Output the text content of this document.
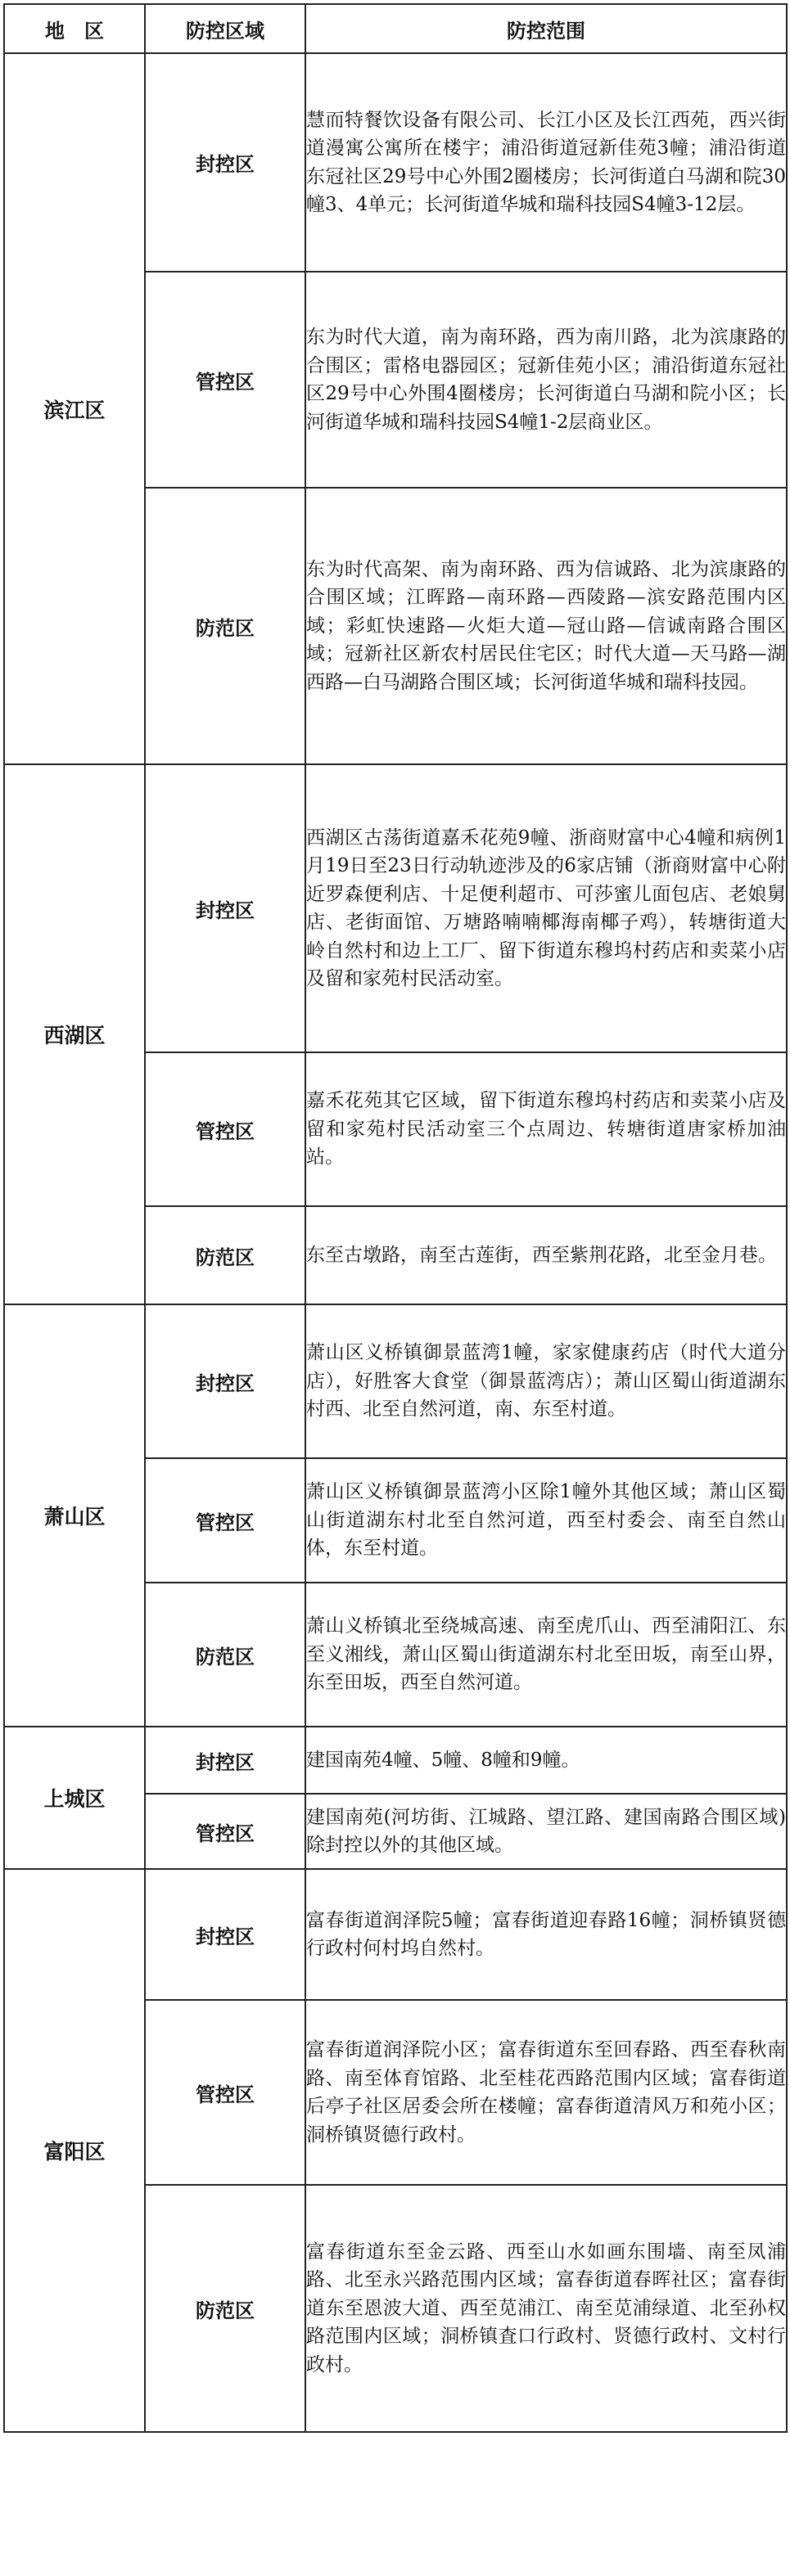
地　区	防控区域	防控范围
滨江区	封控区	慧而特餐饮设备有限公司、长江小区及长江西苑，西兴街道漫寓公寓所在楼宇；浦沿街道冠新佳苑3幢；浦沿街道东冠社区29号中心外围2圈楼房；长河街道白马湖和院30幢3、4单元；长河街道华城和瑞科技园S4幢3-12层。
	管控区	东为时代大道，南为南环路，西为南川路，北为滨康路的合围区；雷格电器园区；冠新佳苑小区；浦沿街道东冠社区29号中心外围4圈楼房；长河街道白马湖和院小区；长河街道华城和瑞科技园S4幢1-2层商业区。
	防范区	东为时代高架、南为南环路、西为信诚路、北为滨康路的合围区域；江晖路—南环路—西陵路—滨安路范围内区域；彩虹快速路—火炬大道—冠山路—信诚南路合围区域；冠新社区新农村居民住宅区；时代大道—天马路—湖西路—白马湖路合围区域；长河街道华城和瑞科技园。
西湖区	封控区	西湖区古荡街道嘉禾花苑9幢、浙商财富中心4幢和病例1月19日至23日行动轨迹涉及的6家店铺（浙商财富中心附近罗森便利店、十足便利超市、可莎蜜儿面包店、老娘舅店、老街面馆、万塘路喃喃椰海南椰子鸡），转塘街道大岭自然村和边上工厂、留下街道东穆坞村药店和卖菜小店及留和家苑村民活动室。
	管控区	嘉禾花苑其它区域，留下街道东穆坞村药店和卖菜小店及留和家苑村民活动室三个点周边、转塘街道唐家桥加油站。
	防范区	东至古墩路，南至古莲街，西至紫荆花路，北至金月巷。
萧山区	封控区	萧山区义桥镇御景蓝湾1幢，家家健康药店（时代大道分店），好胜客大食堂（御景蓝湾店）；萧山区蜀山街道湖东村西、北至自然河道，南、东至村道。
	管控区	萧山区义桥镇御景蓝湾小区除1幢外其他区域；萧山区蜀山街道湖东村北至自然河道，西至村委会、南至自然山体，东至村道。
	防范区	萧山义桥镇北至绕城高速、南至虎爪山、西至浦阳江、东至义湘线，萧山区蜀山街道湖东村北至田坂，南至山界，东至田坂，西至自然河道。
上城区	封控区	建国南苑4幢、5幢、8幢和9幢。
	管控区	建国南苑(河坊街、江城路、望江路、建国南路合围区域)除封控以外的其他区域。
富阳区	封控区	富春街道润泽院5幢；富春街道迎春路16幢；洞桥镇贤德行政村何村坞自然村。
	管控区	富春街道润泽院小区；富春街道东至回春路、西至春秋南路、南至体育馆路、北至桂花西路范围内区域；富春街道后亭子社区居委会所在楼幢；富春街道清风万和苑小区；洞桥镇贤德行政村。
	防范区	富春街道东至金云路、西至山水如画东围墙、南至凤浦路、北至永兴路范围内区域；富春街道春晖社区；富春街道东至恩波大道、西至苋浦江、南至苋浦绿道、北至孙权路范围内区域；洞桥镇査口行政村、贤德行政村、文村行政村。
